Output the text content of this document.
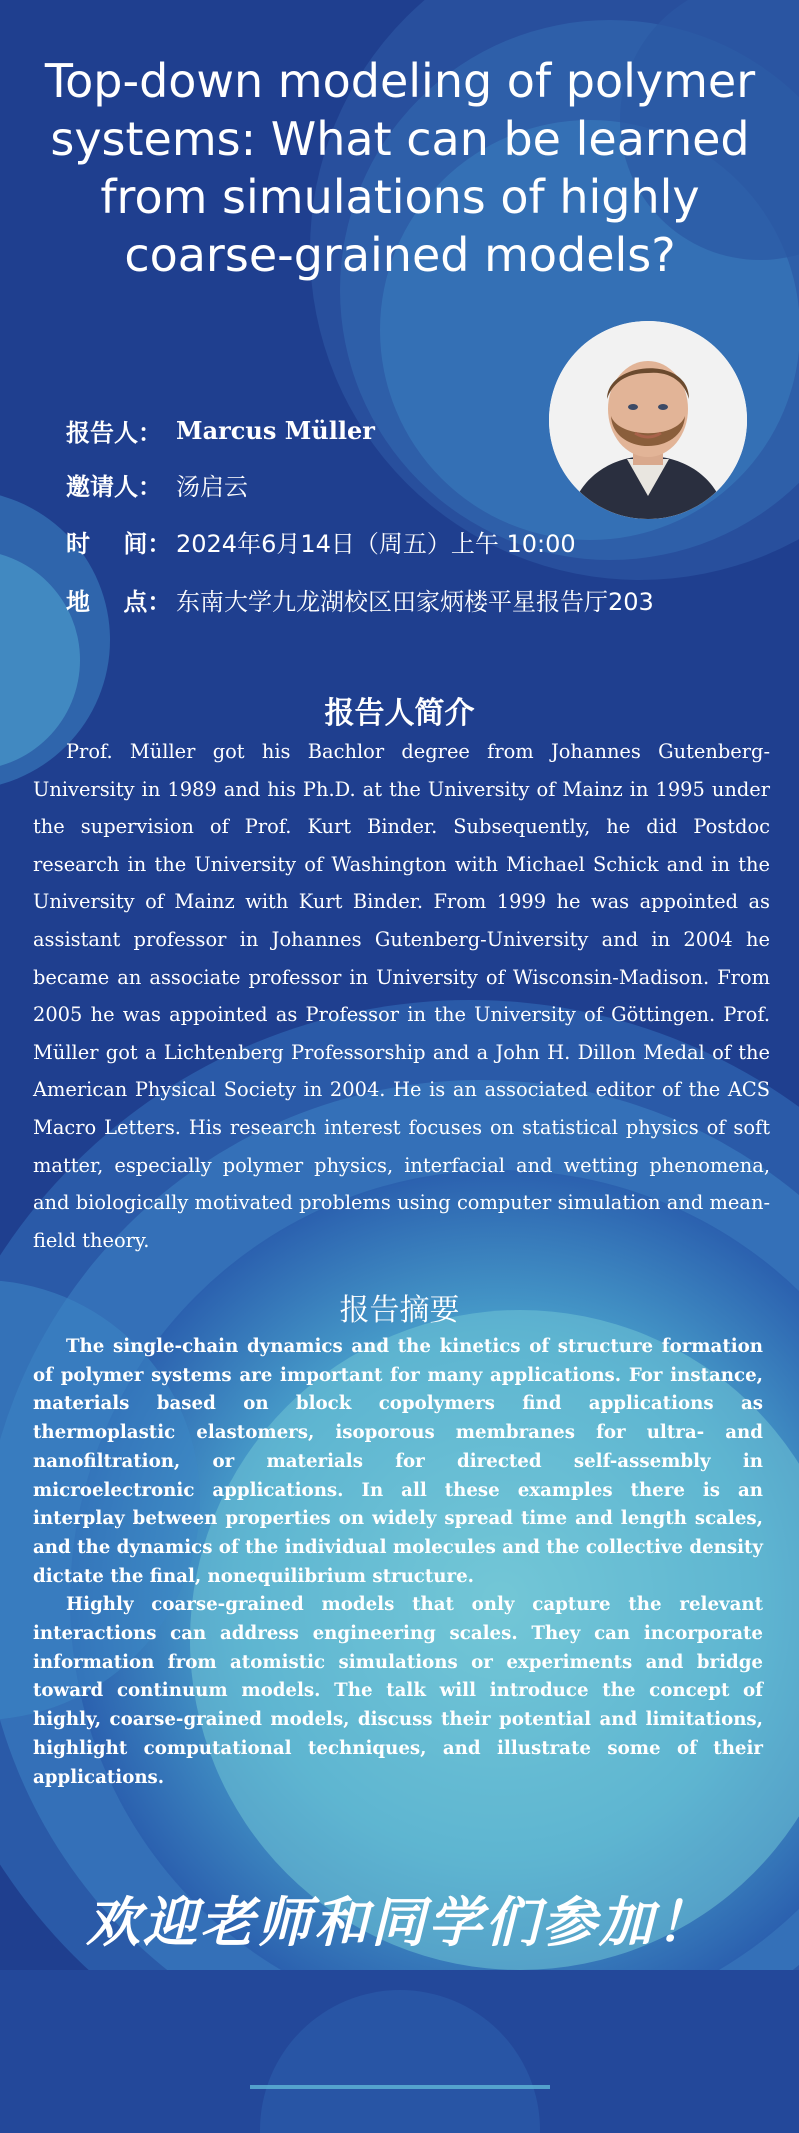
Top-down modeling of polymer systems: What can be learned from simulations of highly coarse-grained models?
报告人： Marcus Müller
邀请人： 汤启云
时    间： 2024年6月14日（周五）上午 10:00
地    点： 东南大学九龙湖校区田家炳楼平星报告厅203
报告人简介

Prof. Müller got his Bachlor degree from Johannes Gutenberg-University in 1989 and his Ph.D. at the University of Mainz in 1995 under the supervision of Prof. Kurt Binder. Subsequently, he did Postdoc research in the University of Washington with Michael Schick and in the University of Mainz with Kurt Binder. From 1999 he was appointed as assistant professor in Johannes Gutenberg-University and in 2004 he became an associate professor in University of Wisconsin-Madison. From 2005 he was appointed as Professor in the University of Göttingen. Prof. Müller got a Lichtenberg Professorship and a John H. Dillon Medal of the American Physical Society in 2004. He is an associated editor of the ACS Macro Letters. His research interest focuses on statistical physics of soft matter, especially polymer physics, interfacial and wetting phenomena, and biologically motivated problems using computer simulation and mean-field theory.

报告摘要

The single-chain dynamics and the kinetics of structure formation of polymer systems are important for many applications. For instance, materials based on block copolymers find applications as thermoplastic elastomers, isoporous membranes for ultra- and nanofiltration, or materials for directed self-assembly in microelectronic applications. In all these examples there is an interplay between properties on widely spread time and length scales, and the dynamics of the individual molecules and the collective density dictate the final, nonequilibrium structure.

Highly coarse-grained models that only capture the relevant interactions can address engineering scales. They can incorporate information from atomistic simulations or experiments and bridge toward continuum models. The talk will introduce the concept of highly, coarse-grained models, discuss their potential and limitations, highlight computational techniques, and illustrate some of their applications.

欢迎老师和同学们参加！
